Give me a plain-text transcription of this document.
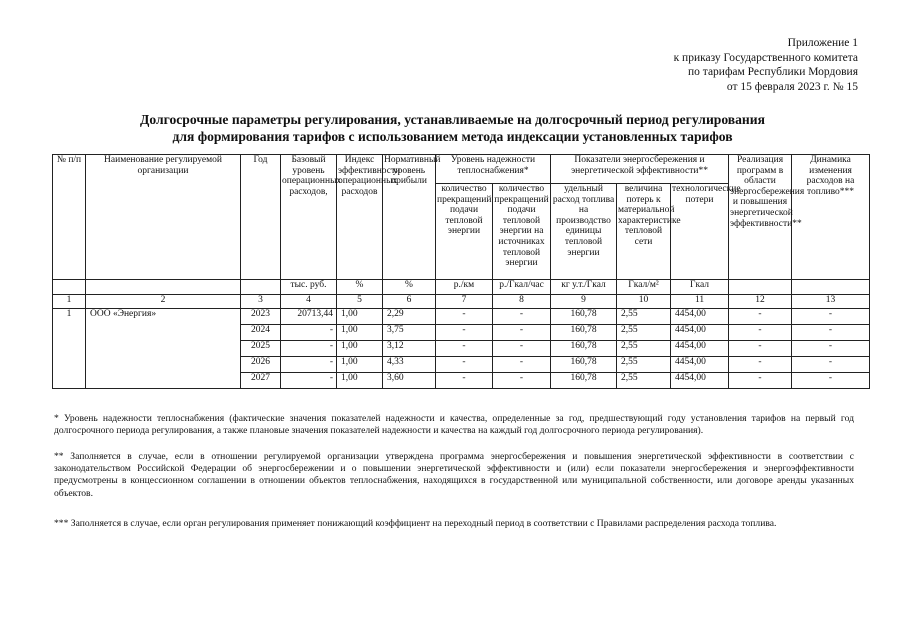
Приложение 1
к приказу Государственного комитета
по тарифам Республики Мордовия
от 15 февраля 2023 г. № 15
Долгосрочные параметры регулирования, устанавливаемые на долгосрочный период регулирования
для формирования тарифов с использованием метода индексации установленных тарифов
№ п/п	Наименование регулируемой организации	Год	Базовый уровень операционных расходов,	Индекс эффективности операционных расходов	Нормативный уровень прибыли	Уровень надежности теплоснабжения*		Показатели энергосбережения и энергетической эффективности**			Реализация программ в области энергосбережения и повышения энергетической эффективности**	Динамика изменения расходов на топливо***
						количество прекращений подачи тепловой энергии	количество прекращений подачи тепловой энергии на источниках тепловой энергии	удельный расход топлива на производство единицы тепловой энергии	величина потерь к материальной характеристике тепловой сети	технологические потери		
			тыс. руб.	%	%	р./км	р./Гкал/час	кг у.т./Гкал	Гкал/м²	Гкал		
1	2	3	4	5	6	7	8	9	10	11	12	13
1	ООО «Энергия»	2023	20713,44	1,00	2,29	-	-	160,78	2,55	4454,00	-	-
		2024	-	1,00	3,75	-	-	160,78	2,55	4454,00	-	-
		2025	-	1,00	3,12	-	-	160,78	2,55	4454,00	-	-
		2026	-	1,00	4,33	-	-	160,78	2,55	4454,00	-	-
		2027	-	1,00	3,60	-	-	160,78	2,55	4454,00	-	-
* Уровень надежности теплоснабжения (фактические значения показателей надежности и качества, определенные за год, предшествующий году установления тарифов на первый год долгосрочного периода регулирования, а также плановые значения показателей надежности и качества на каждый год долгосрочного периода регулирования).
** Заполняется в случае, если в отношении регулируемой организации утверждена программа энергосбережения и повышения энергетической эффективности в соответствии с законодательством Российской Федерации об энергосбережении и о повышении энергетической эффективности и (или) если показатели энергосбережения и энергоэффективности предусмотрены в концессионном соглашении в отношении объектов теплоснабжения, находящихся в государственной или муниципальной собственности, или договоре аренды указанных объектов.
*** Заполняется в случае, если орган регулирования применяет понижающий коэффициент на переходный период в соответствии с Правилами распределения расхода топлива.
